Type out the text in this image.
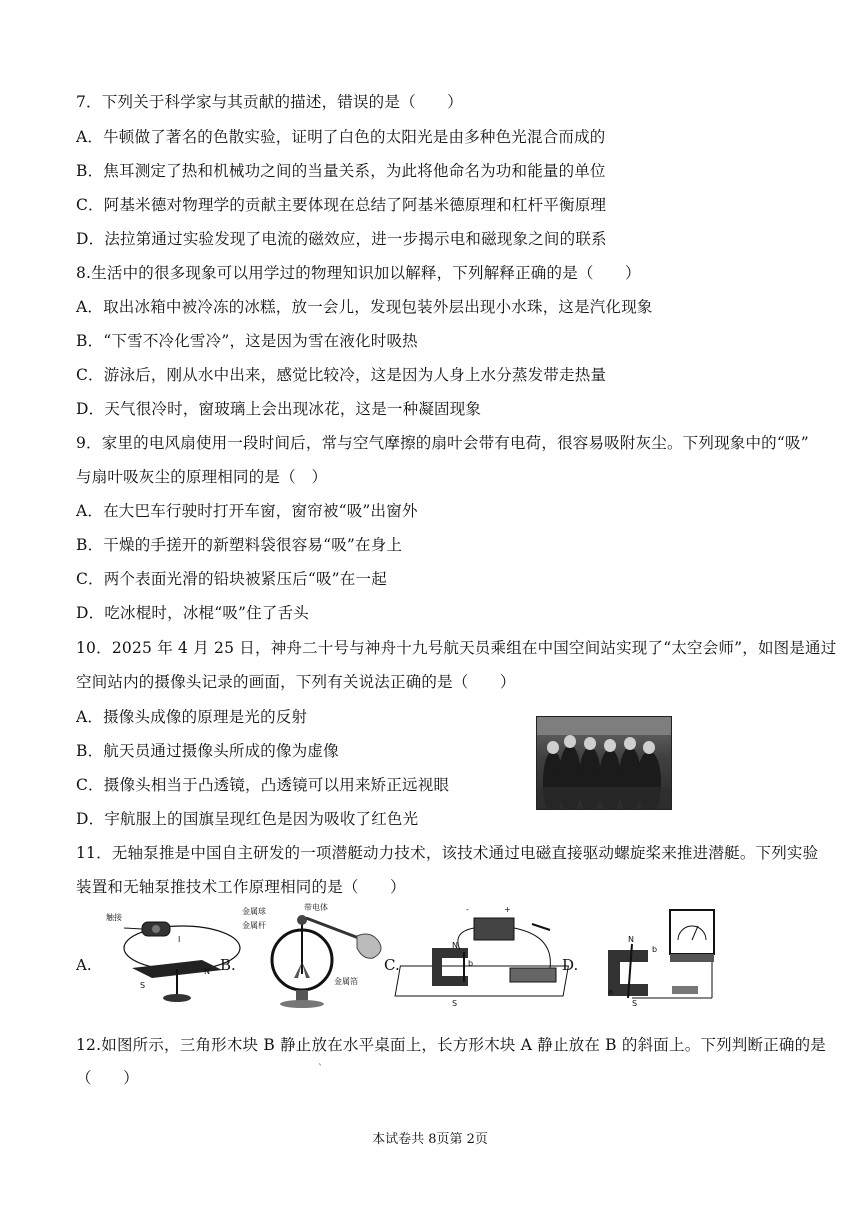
7．下列关于科学家与其贡献的描述，错误的是（　　）
A．牛顿做了著名的色散实验，证明了白色的太阳光是由多种色光混合而成的
B．焦耳测定了热和机械功之间的当量关系，为此将他命名为功和能量的单位
C．阿基米德对物理学的贡献主要体现在总结了阿基米德原理和杠杆平衡原理
D．法拉第通过实验发现了电流的磁效应，进一步揭示电和磁现象之间的联系
8.生活中的很多现象可以用学过的物理知识加以解释，下列解释正确的是（　　）
A．取出冰箱中被冷冻的冰糕，放一会儿，发现包装外层出现小水珠，这是汽化现象
B．“下雪不冷化雪冷”，这是因为雪在液化时吸热
C．游泳后，刚从水中出来，感觉比较冷，这是因为人身上水分蒸发带走热量
D．天气很冷时，窗玻璃上会出现冰花，这是一种凝固现象
9．家里的电风扇使用一段时间后，常与空气摩擦的扇叶会带有电荷，很容易吸附灰尘。下列现象中的“吸”
与扇叶吸灰尘的原理相同的是（　）
A．在大巴车行驶时打开车窗，窗帘被“吸”出窗外
B．干燥的手搓开的新塑料袋很容易“吸”在身上
C．两个表面光滑的铅块被紧压后“吸”在一起
D．吃冰棍时，冰棍“吸”住了舌头
10．2025 年 4 月 25 日，神舟二十号与神舟十九号航天员乘组在中国空间站实现了“太空会师”，如图是通过
空间站内的摄像头记录的画面，下列有关说法正确的是（　　）
A．摄像头成像的原理是光的反射
B．航天员通过摄像头所成的像为虚像
C．摄像头相当于凸透镜，凸透镜可以用来矫正远视眼
D．宇航服上的国旗呈现红色是因为吸收了红色光
11．无轴泵推是中国自主研发的一项潜艇动力技术，该技术通过电磁直接驱动螺旋桨来推进潜艇。下列实验
装置和无轴泵推技术工作原理相同的是（　　）
A.
触接
I
N
S
B.
金属球
金属杆
带电体
金属箔
C.
-	+
N
S
b	D.
N
S
a
b
12.如图所示，三角形木块 B 静止放在水平桌面上，长方形木块 A 静止放在 B 的斜面上。下列判断正确的是
（　　）	`
本试卷共 8页第 2页
